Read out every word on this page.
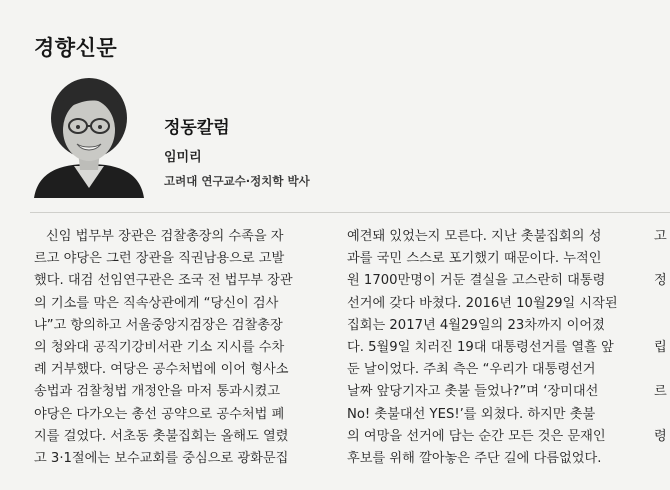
경향신문
정동칼럼
임미리
고려대 연구교수·정치학 박사
신임 법무부 장관은 검찰총장의 수족을 자
르고 야당은 그런 장관을 직권남용으로 고발
했다. 대검 선임연구관은 조국 전 법무부 장관
의 기소를 막은 직속상관에게 “당신이 검사
냐”고 항의하고 서울중앙지검장은 검찰총장
의 청와대 공직기강비서관 기소 지시를 수차
례 거부했다. 여당은 공수처법에 이어 형사소
송법과 검찰청법 개정안을 마저 통과시켰고
야당은 다가오는 총선 공약으로 공수처법 폐
지를 걸었다. 서초동 촛불집회는 올해도 열렸
고 3·1절에는 보수교회를 중심으로 광화문집
예견돼 있었는지 모른다. 지난 촛불집회의 성
과를 국민 스스로 포기했기 때문이다. 누적인
원 1700만명이 거둔 결실을 고스란히 대통령
선거에 갖다 바쳤다. 2016년 10월29일 시작된
집회는 2017년 4월29일의 23차까지 이어졌
다. 5월9일 치러진 19대 대통령선거를 열흘 앞
둔 날이었다. 주최 측은 “우리가 대통령선거
날짜 앞당기자고 촛불 들었나?”며 ‘장미대선
No! 촛불대선 YES!’를 외쳤다. 하지만 촛불
의 여망을 선거에 담는 순간 모든 것은 문재인
후보를 위해 깔아놓은 주단 길에 다름없었다.
고

정

립

르

령
